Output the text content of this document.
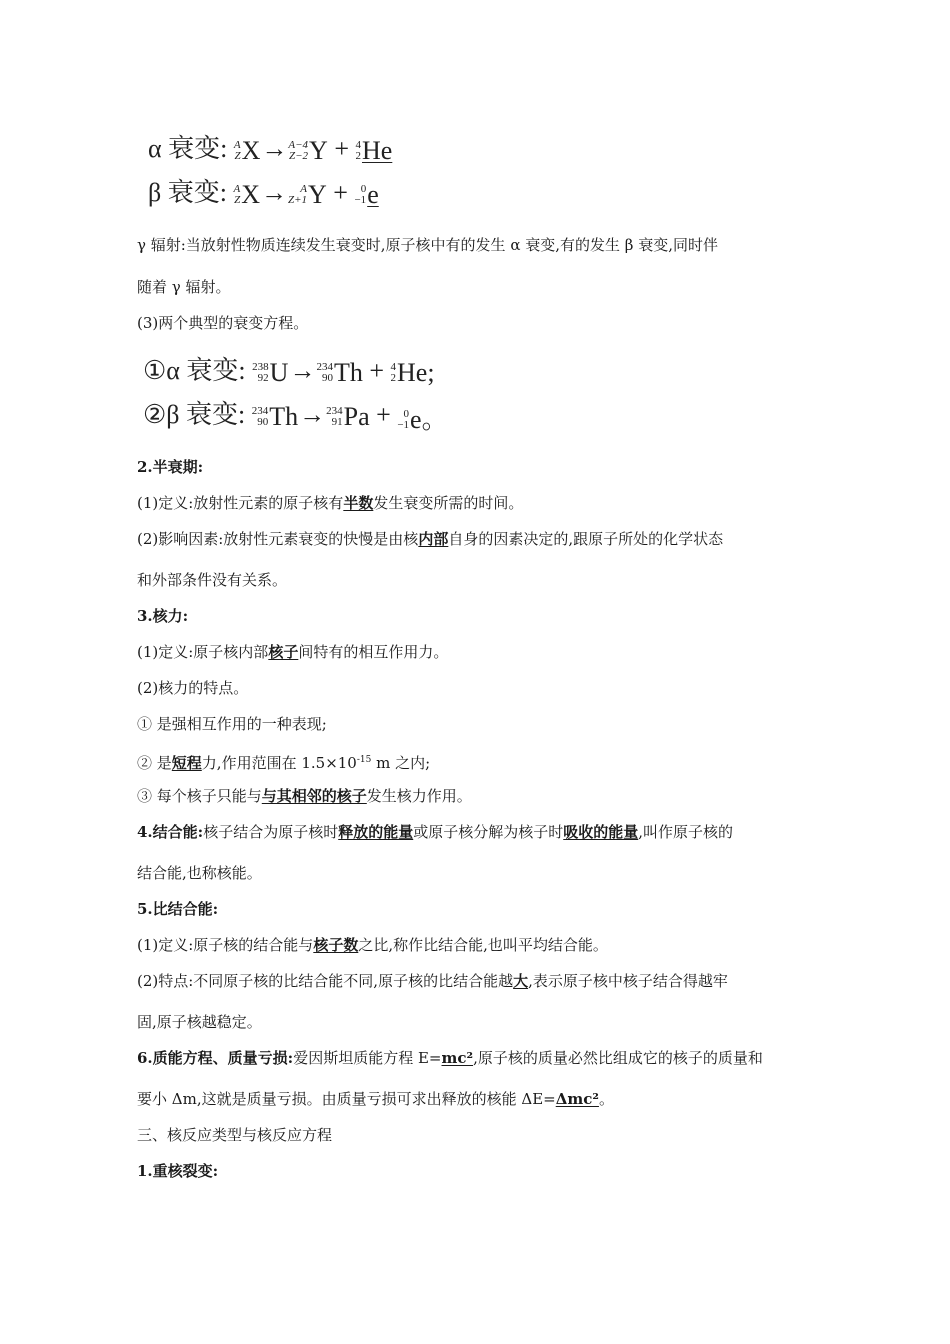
α 衰变: A
Z X→ A−4
Z−2 Y + 4
2 He
β 衰变: A
Z X→ A
Z+1 Y + 0
−1 e
γ 辐射:当放射性物质连续发生衰变时,原子核中有的发生 α 衰变,有的发生 β 衰变,同时伴
随着 γ 辐射。
(3)两个典型的衰变方程。
①α 衰变: 238
92 U→ 234
90 Th + 4
2 He;
②β 衰变: 234
90 Th→ 234
91 Pa + 0
−1 e。
2.半衰期:
(1)定义:放射性元素的原子核有半数发生衰变所需的时间。
(2)影响因素:放射性元素衰变的快慢是由核内部自身的因素决定的,跟原子所处的化学状态
和外部条件没有关系。
3.核力:
(1)定义:原子核内部核子间特有的相互作用力。
(2)核力的特点。
① 是强相互作用的一种表现;
② 是短程力,作用范围在 $1.5\times 10^{-15}$ m 之内;
③ 每个核子只能与与其相邻的核子发生核力作用。
4.结合能:核子结合为原子核时释放的能量或原子核分解为核子时吸收的能量,叫作原子核的
结合能,也称核能。
5.比结合能:
(1)定义:原子核的结合能与核子数之比,称作比结合能,也叫平均结合能。
(2)特点:不同原子核的比结合能不同,原子核的比结合能越大,表示原子核中核子结合得越牢
固,原子核越稳定。
6.质能方程、质量亏损:爱因斯坦质能方程 E=mc²,原子核的质量必然比组成它的核子的质量和
要小 Δm,这就是质量亏损。由质量亏损可求出释放的核能 ΔE=Δmc²。
三、核反应类型与核反应方程
1.重核裂变:
